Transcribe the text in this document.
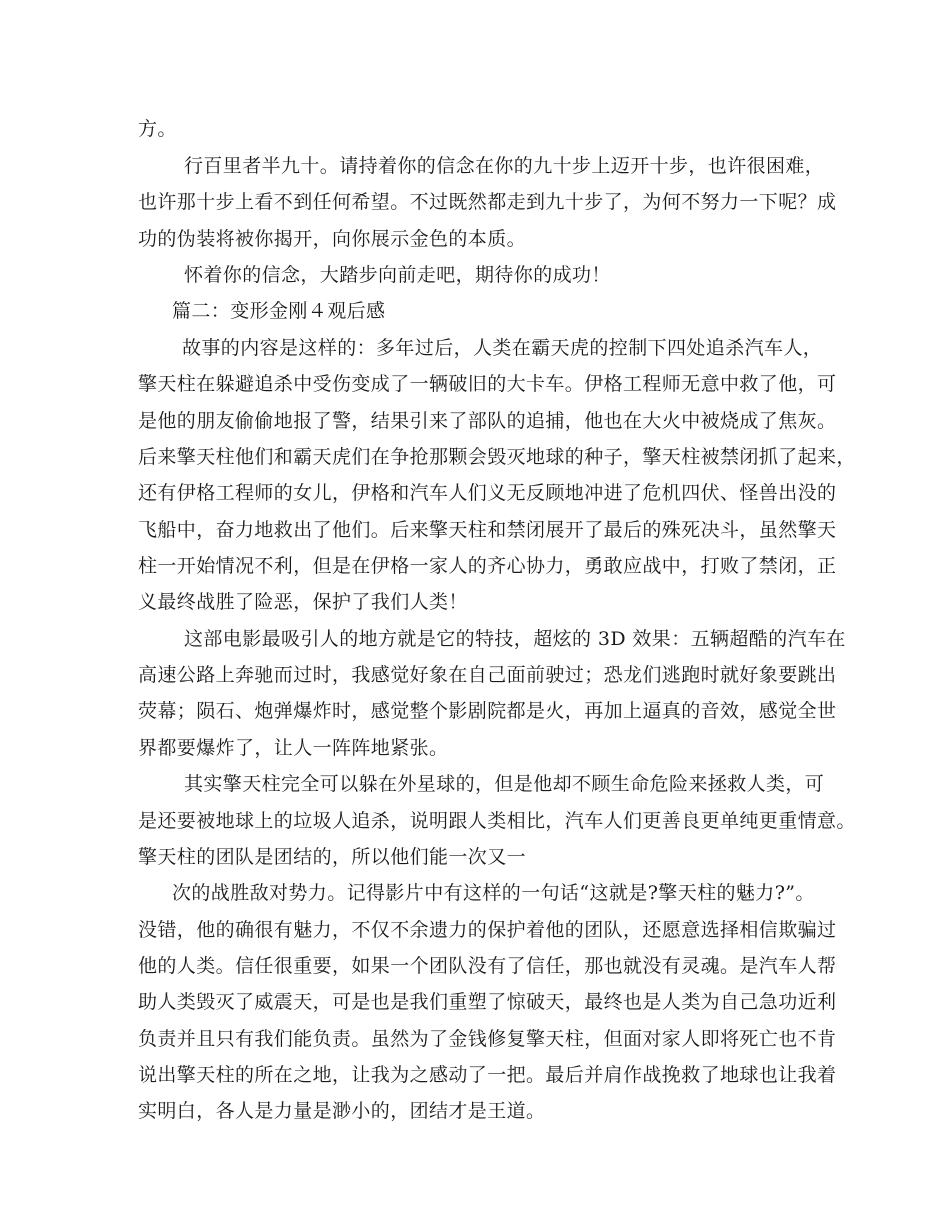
方。
行百里者半九十。请持着你的信念在你的九十步上迈开十步，也许很困难，
也许那十步上看不到任何希望。不过既然都走到九十步了，为何不努力一下呢？成
功的伪装将被你揭开，向你展示金色的本质。
怀着你的信念，大踏步向前走吧，期待你的成功！
篇二：变形金刚４观后感
故事的内容是这样的：多年过后，人类在霸天虎的控制下四处追杀汽车人，
擎天柱在躲避追杀中受伤变成了一辆破旧的大卡车。伊格工程师无意中救了他，可
是他的朋友偷偷地报了警，结果引来了部队的追捕，他也在大火中被烧成了焦灰。
后来擎天柱他们和霸天虎们在争抢那颗会毁灭地球的种子，擎天柱被禁闭抓了起来，
还有伊格工程师的女儿，伊格和汽车人们义无反顾地冲进了危机四伏、怪兽出没的
飞船中，奋力地救出了他们。后来擎天柱和禁闭展开了最后的殊死决斗，虽然擎天
柱一开始情况不利，但是在伊格一家人的齐心协力，勇敢应战中，打败了禁闭，正
义最终战胜了险恶，保护了我们人类！
这部电影最吸引人的地方就是它的特技，超炫的 3D 效果：五辆超酷的汽车在
高速公路上奔驰而过时，我感觉好象在自己面前驶过；恐龙们逃跑时就好象要跳出
荧幕；陨石、炮弹爆炸时，感觉整个影剧院都是火，再加上逼真的音效，感觉全世
界都要爆炸了，让人一阵阵地紧张。
其实擎天柱完全可以躲在外星球的，但是他却不顾生命危险来拯救人类，可
是还要被地球上的垃圾人追杀，说明跟人类相比，汽车人们更善良更单纯更重情意。
擎天柱的团队是团结的，所以他们能一次又一
次的战胜敌对势力。记得影片中有这样的一句话“这就是?擎天柱的魅力?”。
没错，他的确很有魅力，不仅不余遗力的保护着他的团队，还愿意选择相信欺骗过
他的人类。信任很重要，如果一个团队没有了信任，那也就没有灵魂。是汽车人帮
助人类毁灭了威震天，可是也是我们重塑了惊破天，最终也是人类为自己急功近利
负责并且只有我们能负责。虽然为了金钱修复擎天柱，但面对家人即将死亡也不肯
说出擎天柱的所在之地，让我为之感动了一把。最后并肩作战挽救了地球也让我着
实明白，各人是力量是渺小的，团结才是王道。
